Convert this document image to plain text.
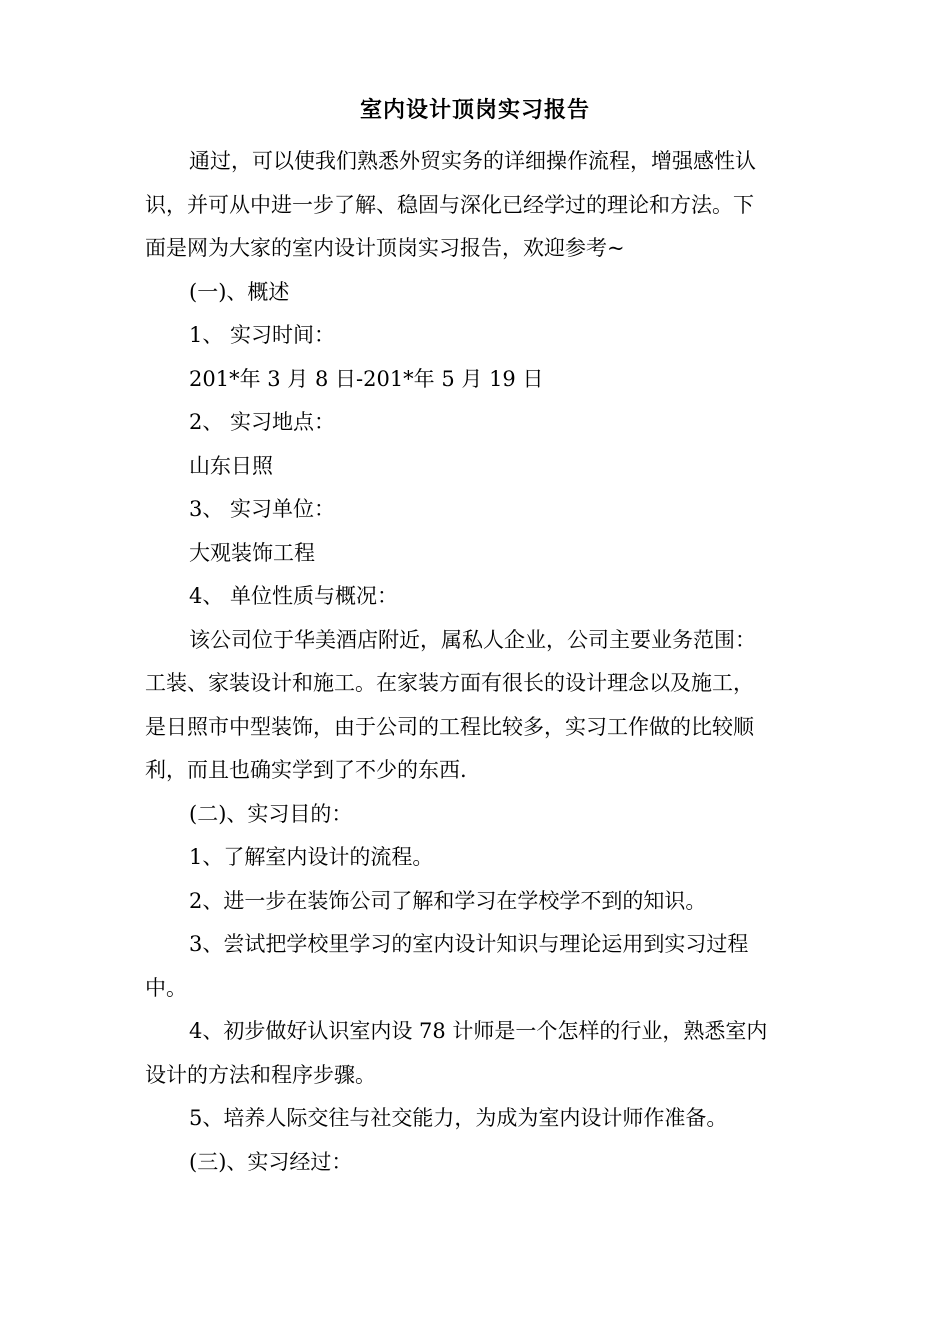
室内设计顶岗实习报告

通过，可以使我们熟悉外贸实务的详细操作流程，增强感性认

识，并可从中进一步了解、稳固与深化已经学过的理论和方法。下

面是网为大家的室内设计顶岗实习报告，欢迎参考~

(一)、概述

1、 实习时间：

201*年 3 月 8 日-201*年 5 月 19 日

2、 实习地点：

山东日照

3、 实习单位：

大观装饰工程

4、 单位性质与概况：

该公司位于华美酒店附近，属私人企业，公司主要业务范围：

工装、家装设计和施工。在家装方面有很长的设计理念以及施工，

是日照市中型装饰，由于公司的工程比较多，实习工作做的比较顺

利，而且也确实学到了不少的东西.

(二)、实习目的：

1、了解室内设计的流程。

2、进一步在装饰公司了解和学习在学校学不到的知识。

3、尝试把学校里学习的室内设计知识与理论运用到实习过程

中。

4、初步做好认识室内设 78 计师是一个怎样的行业，熟悉室内

设计的方法和程序步骤。

5、培养人际交往与社交能力，为成为室内设计师作准备。

(三)、实习经过：
